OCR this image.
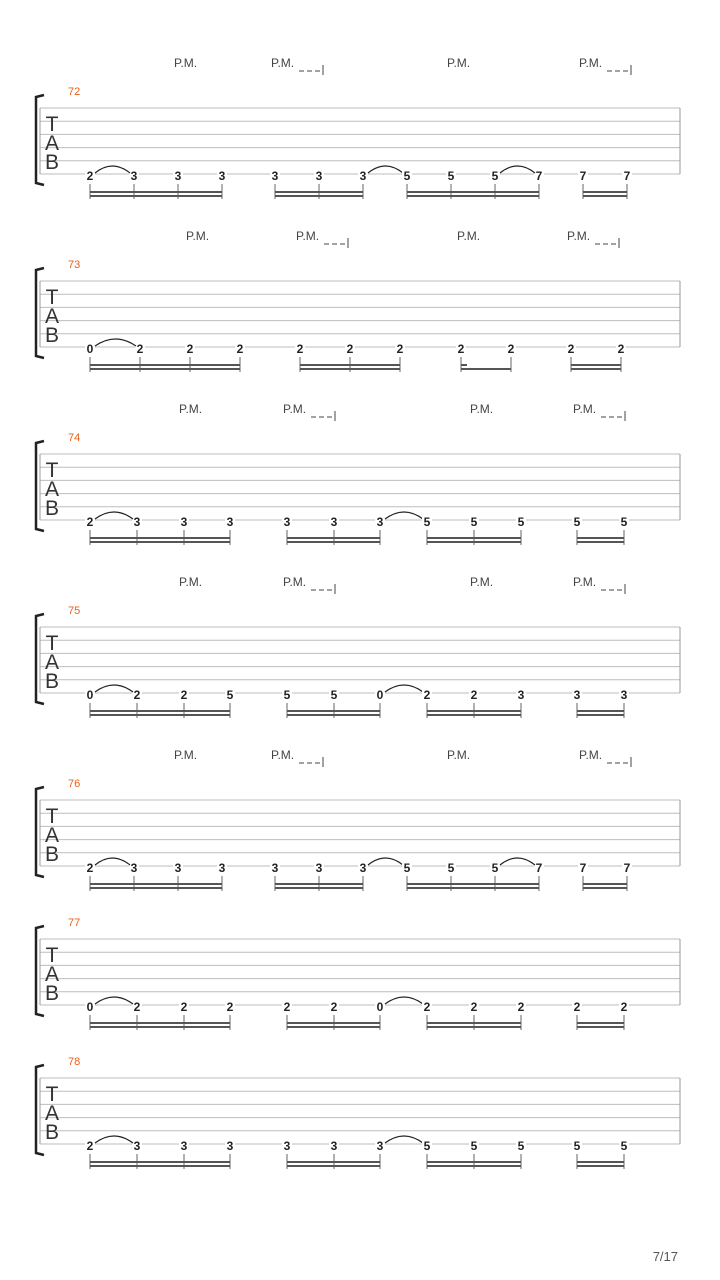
P.M.	P.M.	P.M.	P.M.
72
T
A
B
2	3	3	3	3	3	3	5	5	5	7	7	7
P.M.	P.M.	P.M.	P.M.
73
T
A
B
0	2	2	2	2	2	2	2	2	2	2
P.M.	P.M.	P.M.	P.M.
74
T
A
B
2	3	3	3	3	3	3	5	5	5	5	5
P.M.	P.M.	P.M.	P.M.
75
T
A
B
0	2	2	5	5	5	0	2	2	3	3	3
P.M.	P.M.	P.M.	P.M.
76
T
A
B
2	3	3	3	3	3	3	5	5	5	7	7	7
77
T
A
B
0	2	2	2	2	2	0	2	2	2	2	2
78
T
A
B
2	3	3	3	3	3	3	5	5	5	5	5
7/17
